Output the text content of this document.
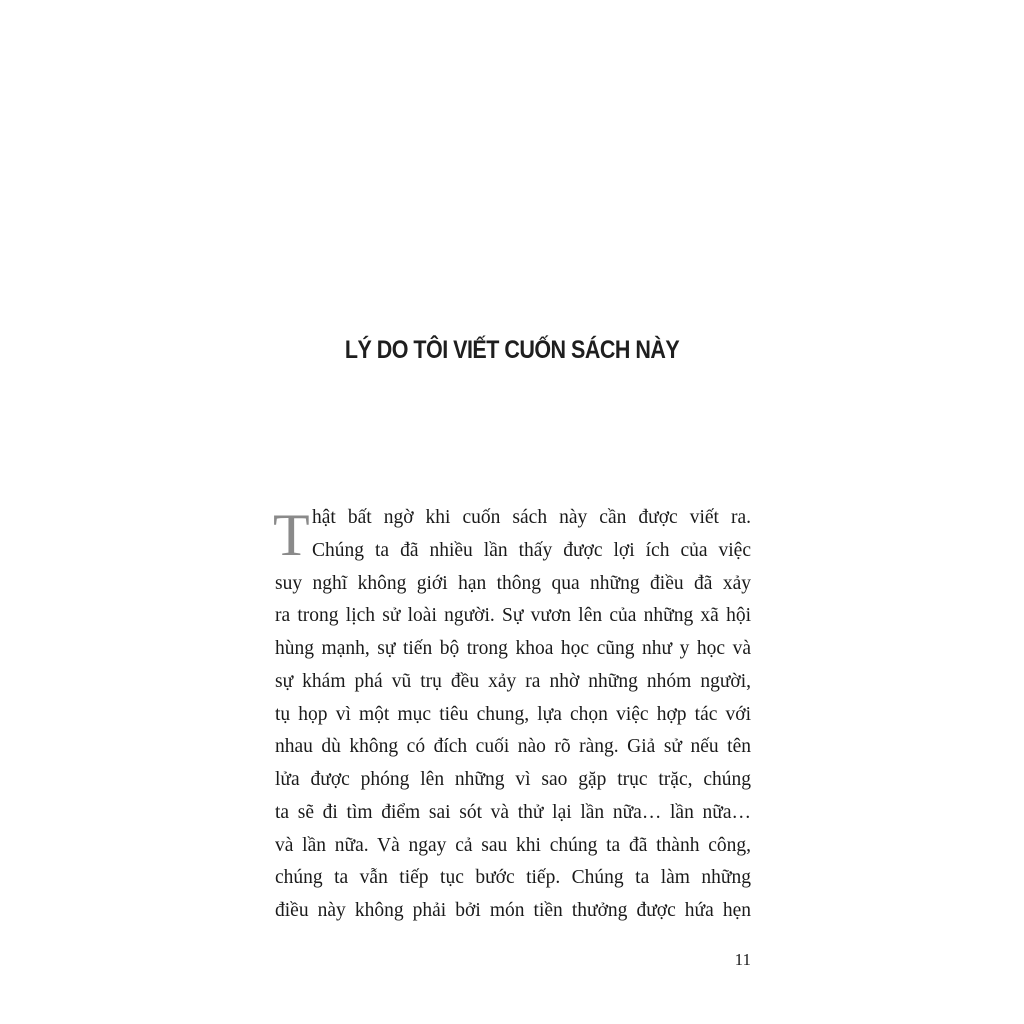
LÝ DO TÔI VIẾT CUỐN SÁCH NÀY
T hật bất ngờ khi cuốn sách này cần được viết ra.
Chúng ta đã nhiều lần thấy được lợi ích của việc
suy nghĩ không giới hạn thông qua những điều đã xảy
ra trong lịch sử loài người. Sự vươn lên của những xã hội
hùng mạnh, sự tiến bộ trong khoa học cũng như y học và
sự khám phá vũ trụ đều xảy ra nhờ những nhóm người,
tụ họp vì một mục tiêu chung, lựa chọn việc hợp tác với
nhau dù không có đích cuối nào rõ ràng. Giả sử nếu tên
lửa được phóng lên những vì sao gặp trục trặc, chúng
ta sẽ đi tìm điểm sai sót và thử lại lần nữa… lần nữa…
và lần nữa. Và ngay cả sau khi chúng ta đã thành công,
chúng ta vẫn tiếp tục bước tiếp. Chúng ta làm những
điều này không phải bởi món tiền thưởng được hứa hẹn
11
